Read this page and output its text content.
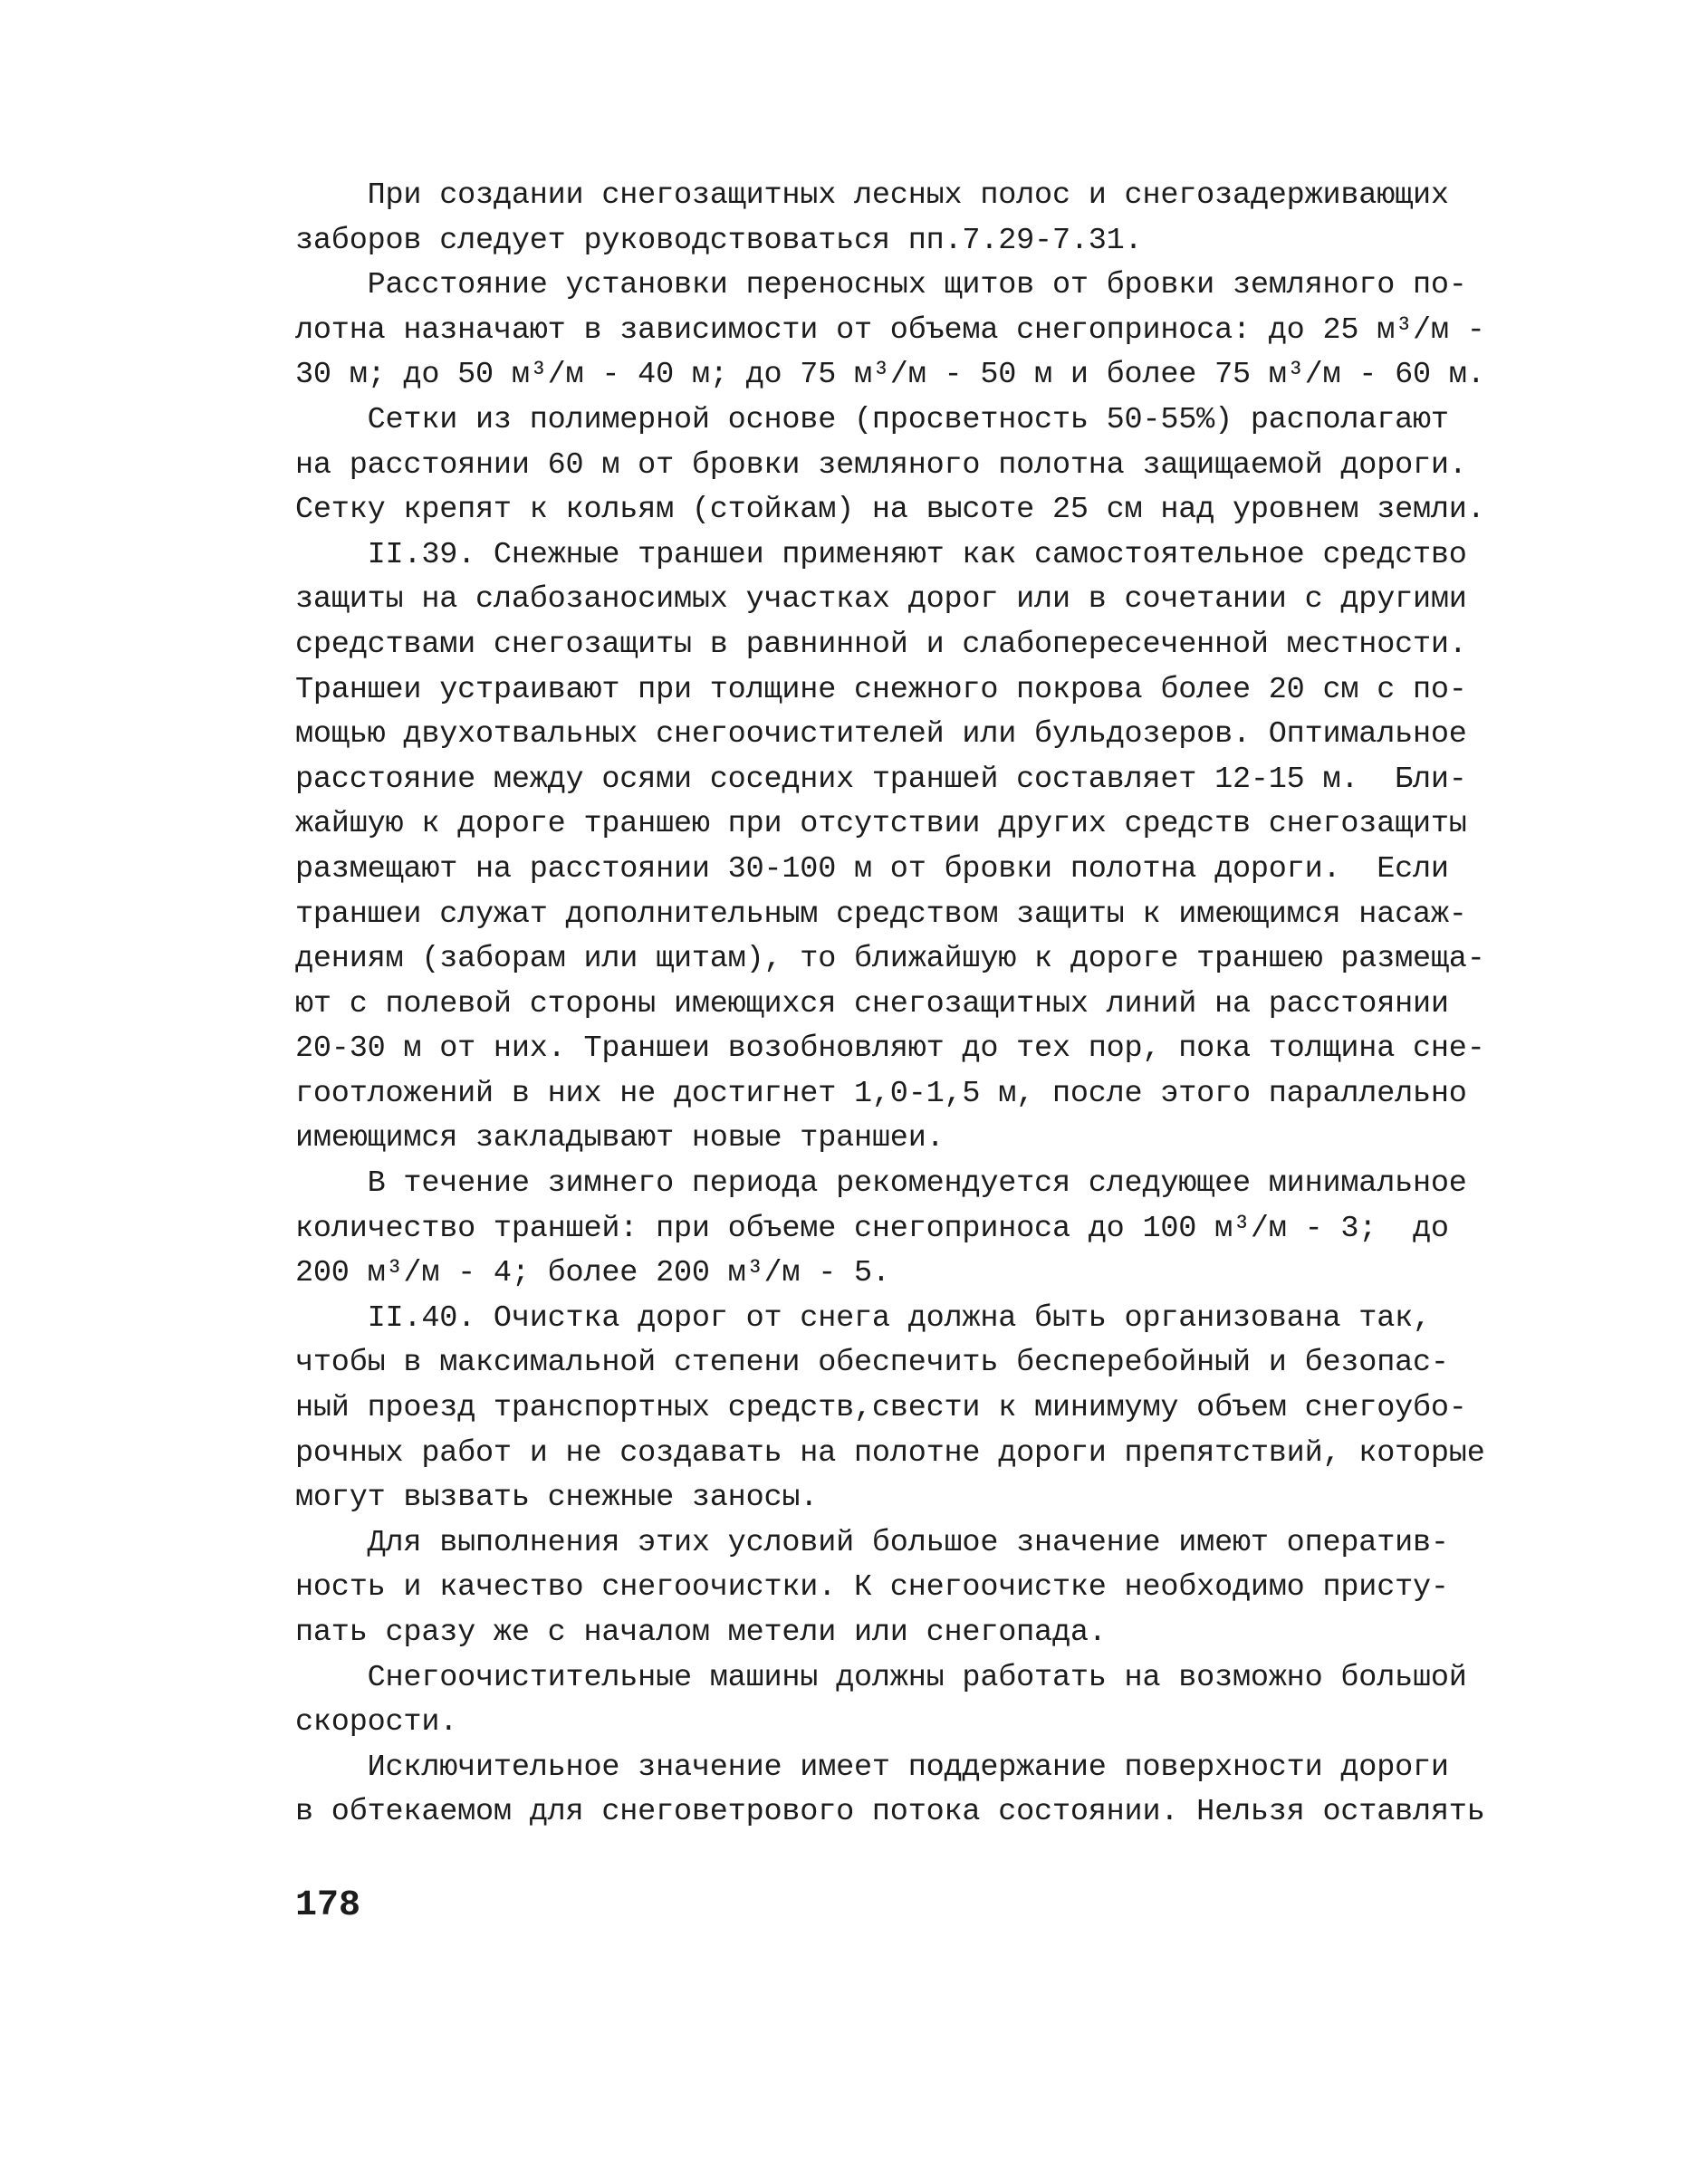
При создании снегозащитных лесных полос и снегозадерживающих
заборов следует руководствоваться пп.7.29-7.31.
Расстояние установки переносных щитов от бровки земляного по-
лотна назначают в зависимости от объема снегоприноса: до 25 м³/м -
30 м; до 50 м³/м - 40 м; до 75 м³/м - 50 м и более 75 м³/м - 60 м.
Сетки из полимерной основе (просветность 50-55%) располагают
на расстоянии 60 м от бровки земляного полотна защищаемой дороги.
Сетку крепят к кольям (стойкам) на высоте 25 см над уровнем земли.
II.39. Снежные траншеи применяют как самостоятельное средство
защиты на слабозаносимых участках дорог или в сочетании с другими
средствами снегозащиты в равнинной и слабопересеченной местности.
Траншеи устраивают при толщине снежного покрова более 20 см с по-
мощью двухотвальных снегоочистителей или бульдозеров. Оптимальное
расстояние между осями соседних траншей составляет 12-15 м.  Бли-
жайшую к дороге траншею при отсутствии других средств снегозащиты
размещают на расстоянии 30-100 м от бровки полотна дороги.  Если
траншеи служат дополнительным средством защиты к имеющимся насаж-
дениям (заборам или щитам), то ближайшую к дороге траншею размеща-
ют с полевой стороны имеющихся снегозащитных линий на расстоянии
20-30 м от них. Траншеи возобновляют до тех пор, пока толщина сне-
гоотложений в них не достигнет 1,0-1,5 м, после этого параллельно
имеющимся закладывают новые траншеи.
В течение зимнего периода рекомендуется следующее минимальное
количество траншей: при объеме снегоприноса до 100 м³/м - 3;  до
200 м³/м - 4; более 200 м³/м - 5.
II.40. Очистка дорог от снега должна быть организована так,
чтобы в максимальной степени обеспечить бесперебойный и безопас-
ный проезд транспортных средств,свести к минимуму объем снегоубо-
рочных работ и не создавать на полотне дороги препятствий, которые
могут вызвать снежные заносы.
Для выполнения этих условий большое значение имеют оператив-
ность и качество снегоочистки. К снегоочистке необходимо присту-
пать сразу же с началом метели или снегопада.
Снегоочистительные машины должны работать на возможно большой
скорости.
Исключительное значение имеет поддержание поверхности дороги
в обтекаемом для снеговетрового потока состоянии. Нельзя оставлять
178
